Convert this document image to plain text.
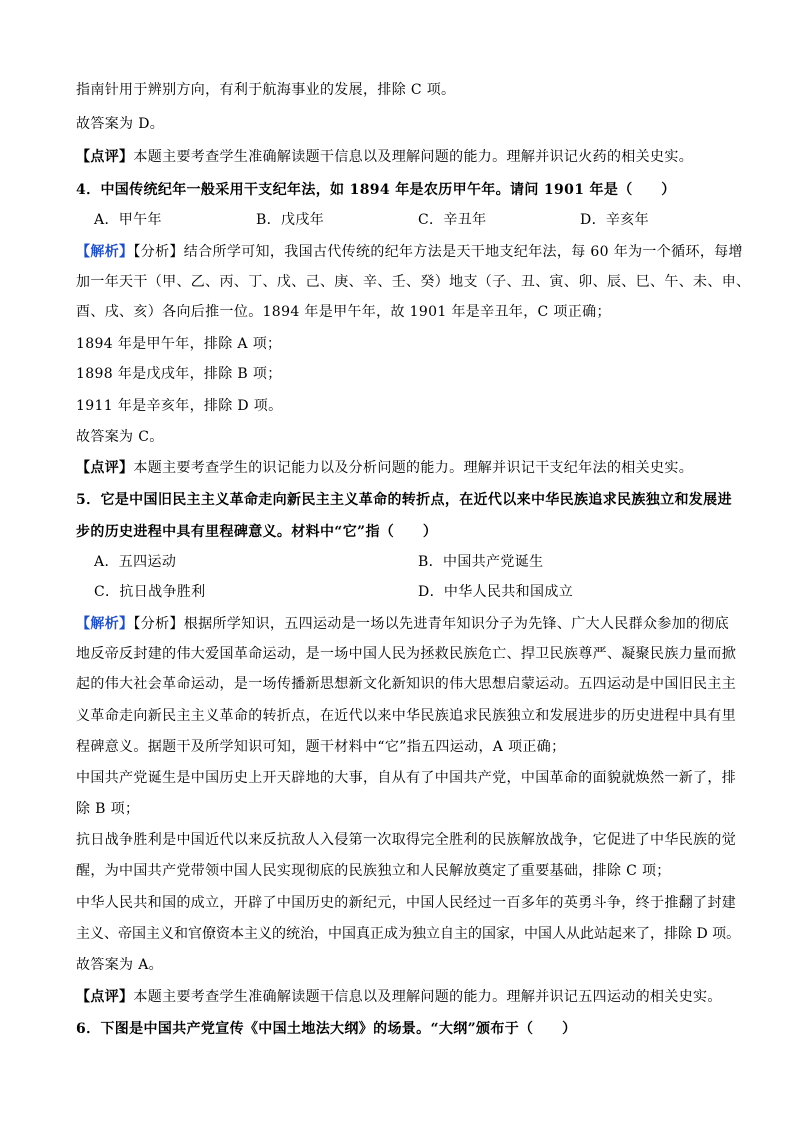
指南针用于辨别方向，有利于航海事业的发展，排除 C 项。
故答案为 D。
【点评】本题主要考查学生准确解读题干信息以及理解问题的能力。理解并识记火药的相关史实。
4．中国传统纪年一般采用干支纪年法，如 1894 年是农历甲午年。请问 1901 年是（　　）
A．甲午年	B．戊戌年	C．辛丑年	D．辛亥年
【解析】【分析】结合所学可知，我国古代传统的纪年方法是天干地支纪年法，每 60 年为一个循环，每增
加一年天干（甲、乙、丙、丁、戊、己、庚、辛、壬、癸）地支（子、丑、寅、卯、辰、巳、午、未、申、
酉、戌、亥）各向后推一位。1894 年是甲午年，故 1901 年是辛丑年，C 项正确；
1894 年是甲午年，排除 A 项；
1898 年是戊戌年，排除 B 项；
1911 年是辛亥年，排除 D 项。
故答案为 C。
【点评】本题主要考查学生的识记能力以及分析问题的能力。理解并识记干支纪年法的相关史实。
5．它是中国旧民主主义革命走向新民主主义革命的转折点，在近代以来中华民族追求民族独立和发展进
步的历史进程中具有里程碑意义。材料中“它”指（　　）
A．五四运动	B．中国共产党诞生
C．抗日战争胜利	D．中华人民共和国成立
【解析】【分析】根据所学知识，五四运动是一场以先进青年知识分子为先锋、广大人民群众参加的彻底
地反帝反封建的伟大爱国革命运动，是一场中国人民为拯救民族危亡、捍卫民族尊严、凝聚民族力量而掀
起的伟大社会革命运动，是一场传播新思想新文化新知识的伟大思想启蒙运动。五四运动是中国旧民主主
义革命走向新民主主义革命的转折点，在近代以来中华民族追求民族独立和发展进步的历史进程中具有里
程碑意义。据题干及所学知识可知，题干材料中“它”指五四运动，A 项正确；
中国共产党诞生是中国历史上开天辟地的大事，自从有了中国共产党，中国革命的面貌就焕然一新了，排
除 B 项；
抗日战争胜利是中国近代以来反抗敌人入侵第一次取得完全胜利的民族解放战争，它促进了中华民族的觉
醒，为中国共产党带领中国人民实现彻底的民族独立和人民解放奠定了重要基础，排除 C 项；
中华人民共和国的成立，开辟了中国历史的新纪元，中国人民经过一百多年的英勇斗争，终于推翻了封建
主义、帝国主义和官僚资本主义的统治，中国真正成为独立自主的国家，中国人从此站起来了，排除 D 项。
故答案为 A。
【点评】本题主要考查学生准确解读题干信息以及理解问题的能力。理解并识记五四运动的相关史实。
6．下图是中国共产党宣传《中国土地法大纲》的场景。“大纲”颁布于（　　）
